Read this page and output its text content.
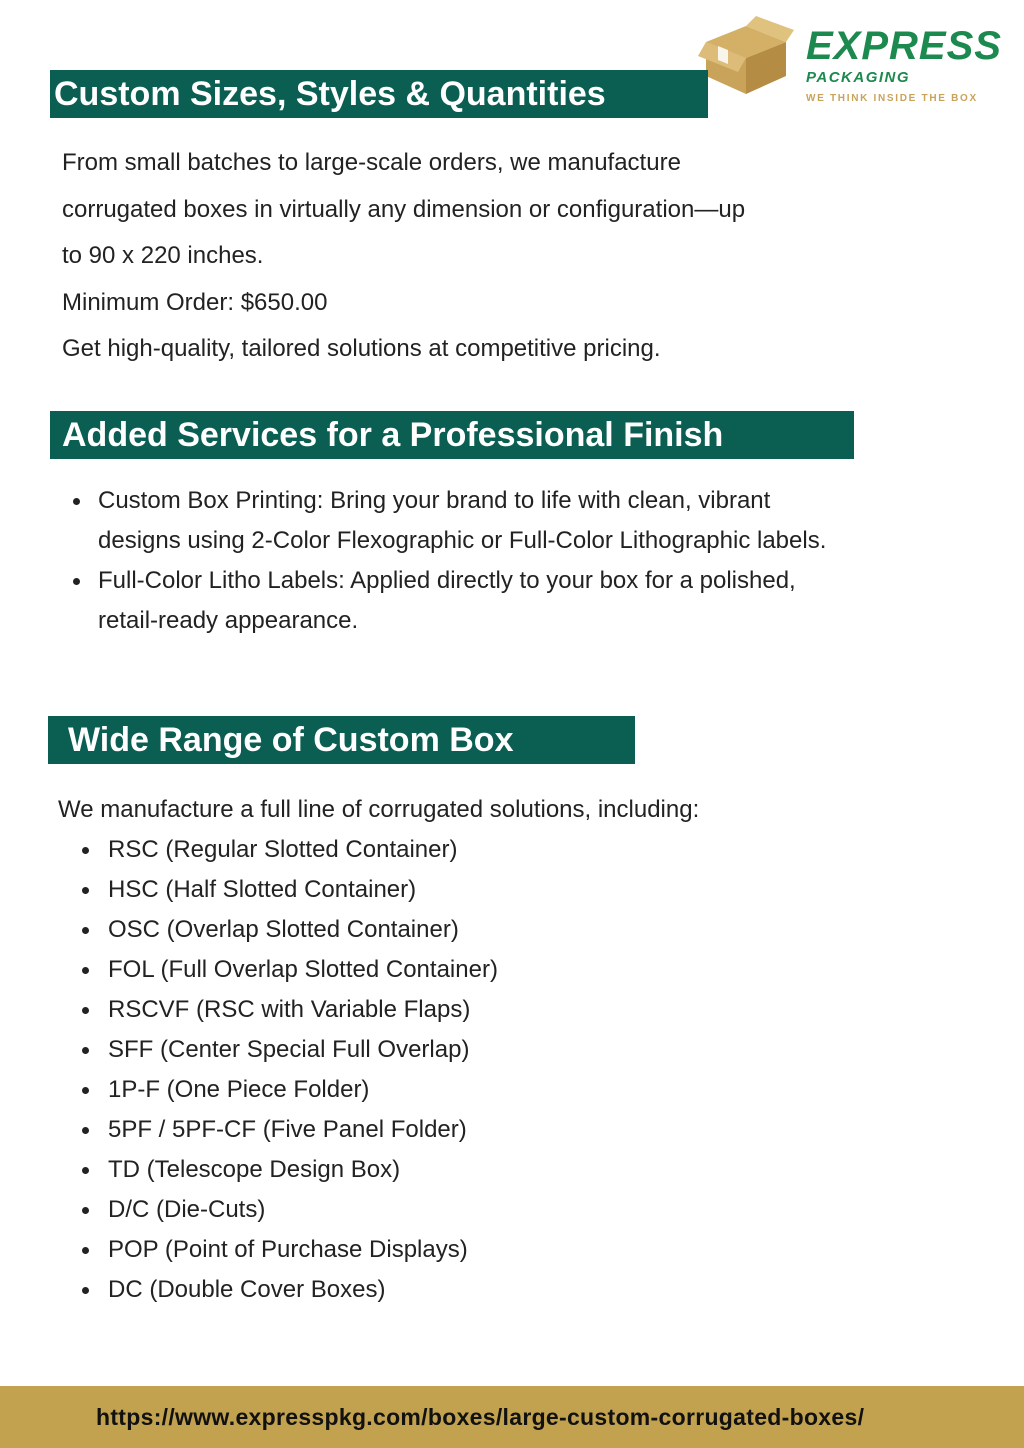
EXPRESS
PACKAGING
WE THINK INSIDE THE BOX
Custom Sizes, Styles & Quantities

From small batches to large-scale orders, we manufacture

corrugated boxes in virtually any dimension or configuration—up

to 90 x 220 inches.

Minimum Order: $650.00

Get high-quality, tailored solutions at competitive pricing.

Added Services for a Professional Finish
Custom Box Printing: Bring your brand to life with clean, vibrant designs using 2-Color Flexographic or Full-Color Lithographic labels.
Full-Color Litho Labels: Applied directly to your box for a polished, retail-ready appearance.
Wide Range of Custom Box

We manufacture a full line of corrugated solutions, including:

RSC (Regular Slotted Container)
HSC (Half Slotted Container)
OSC (Overlap Slotted Container)
FOL (Full Overlap Slotted Container)
RSCVF (RSC with Variable Flaps)
SFF (Center Special Full Overlap)
1P-F (One Piece Folder)
5PF / 5PF-CF (Five Panel Folder)
TD (Telescope Design Box)
D/C (Die-Cuts)
POP (Point of Purchase Displays)
DC (Double Cover Boxes)
https://www.expresspkg.com/boxes/large-custom-corrugated-boxes/
